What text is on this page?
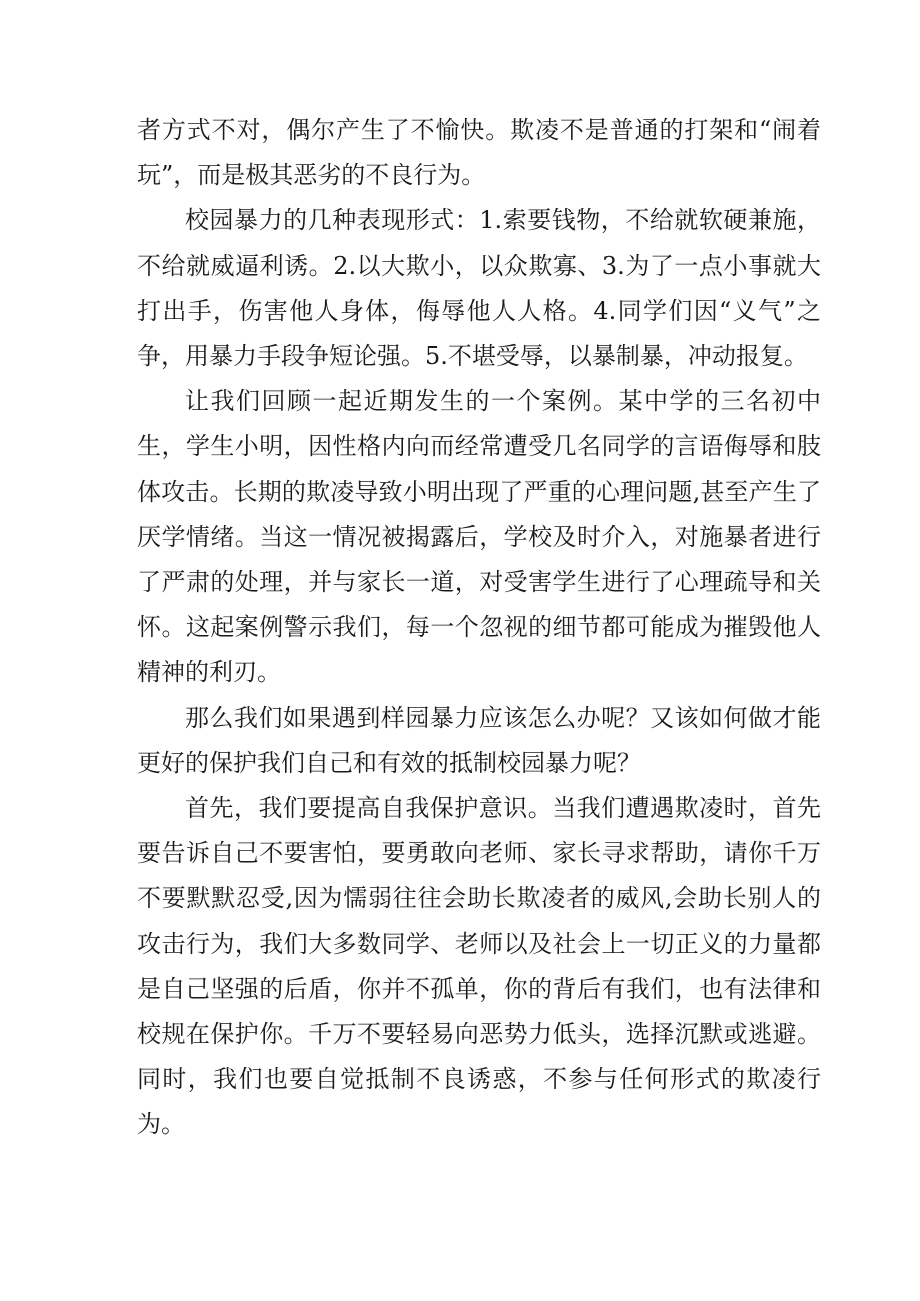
者方式不对，偶尔产生了不愉快。欺凌不是普通的打架和“闹着玩”，而是极其恶劣的不良行为。

校园暴力的几种表现形式：1.索要钱物，不给就软硬兼施，不给就威逼利诱。2.以大欺小，以众欺寡、3.为了一点小事就大打出手，伤害他人身体，侮辱他人人格。4.同学们因“义气”之争，用暴力手段争短论强。5.不堪受辱，以暴制暴，冲动报复。

让我们回顾一起近期发生的一个案例。某中学的三名初中生，学生小明，因性格内向而经常遭受几名同学的言语侮辱和肢体攻击。长期的欺凌导致小明出现了严重的心理问题,甚至产生了厌学情绪。当这一情况被揭露后，学校及时介入，对施暴者进行了严肃的处理，并与家长一道，对受害学生进行了心理疏导和关怀。这起案例警示我们，每一个忽视的细节都可能成为摧毁他人精神的利刃。

那么我们如果遇到样园暴力应该怎么办呢？又该如何做才能更好的保护我们自己和有效的抵制校园暴力呢？

首先，我们要提高自我保护意识。当我们遭遇欺凌时，首先要告诉自己不要害怕，要勇敢向老师、家长寻求帮助，请你千万不要默默忍受,因为懦弱往往会助长欺凌者的威风,会助长别人的攻击行为，我们大多数同学、老师以及社会上一切正义的力量都是自己坚强的后盾，你并不孤单，你的背后有我们，也有法律和校规在保护你。千万不要轻易向恶势力低头，选择沉默或逃避。同时，我们也要自觉抵制不良诱惑，不参与任何形式的欺凌行为。
